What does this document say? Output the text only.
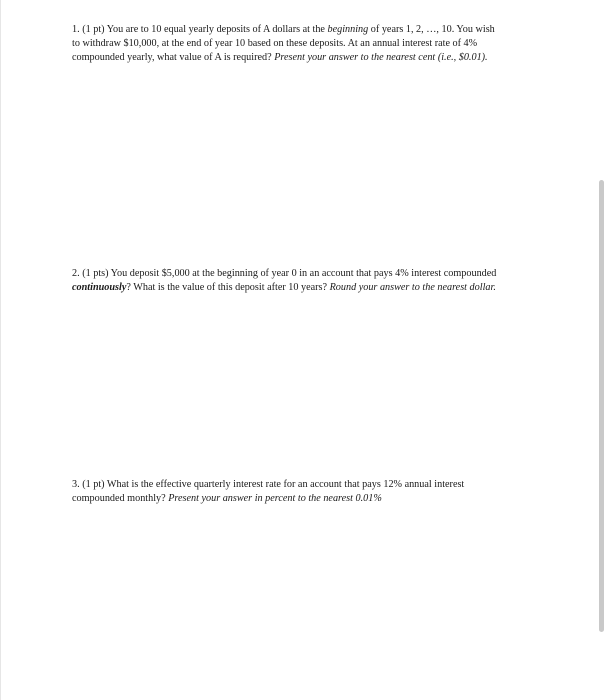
1. (1 pt) You are to 10 equal yearly deposits of A dollars at the beginning of years 1, 2, …, 10. You wish
to withdraw $10,000, at the end of year 10 based on these deposits. At an annual interest rate of 4%
compounded yearly, what value of A is required? Present your answer to the nearest cent (i.e., $0.01).
2. (1 pts) You deposit $5,000 at the beginning of year 0 in an account that pays 4% interest compounded
continuously? What is the value of this deposit after 10 years? Round your answer to the nearest dollar.
3. (1 pt) What is the effective quarterly interest rate for an account that pays 12% annual interest
compounded monthly? Present your answer in percent to the nearest 0.01%
